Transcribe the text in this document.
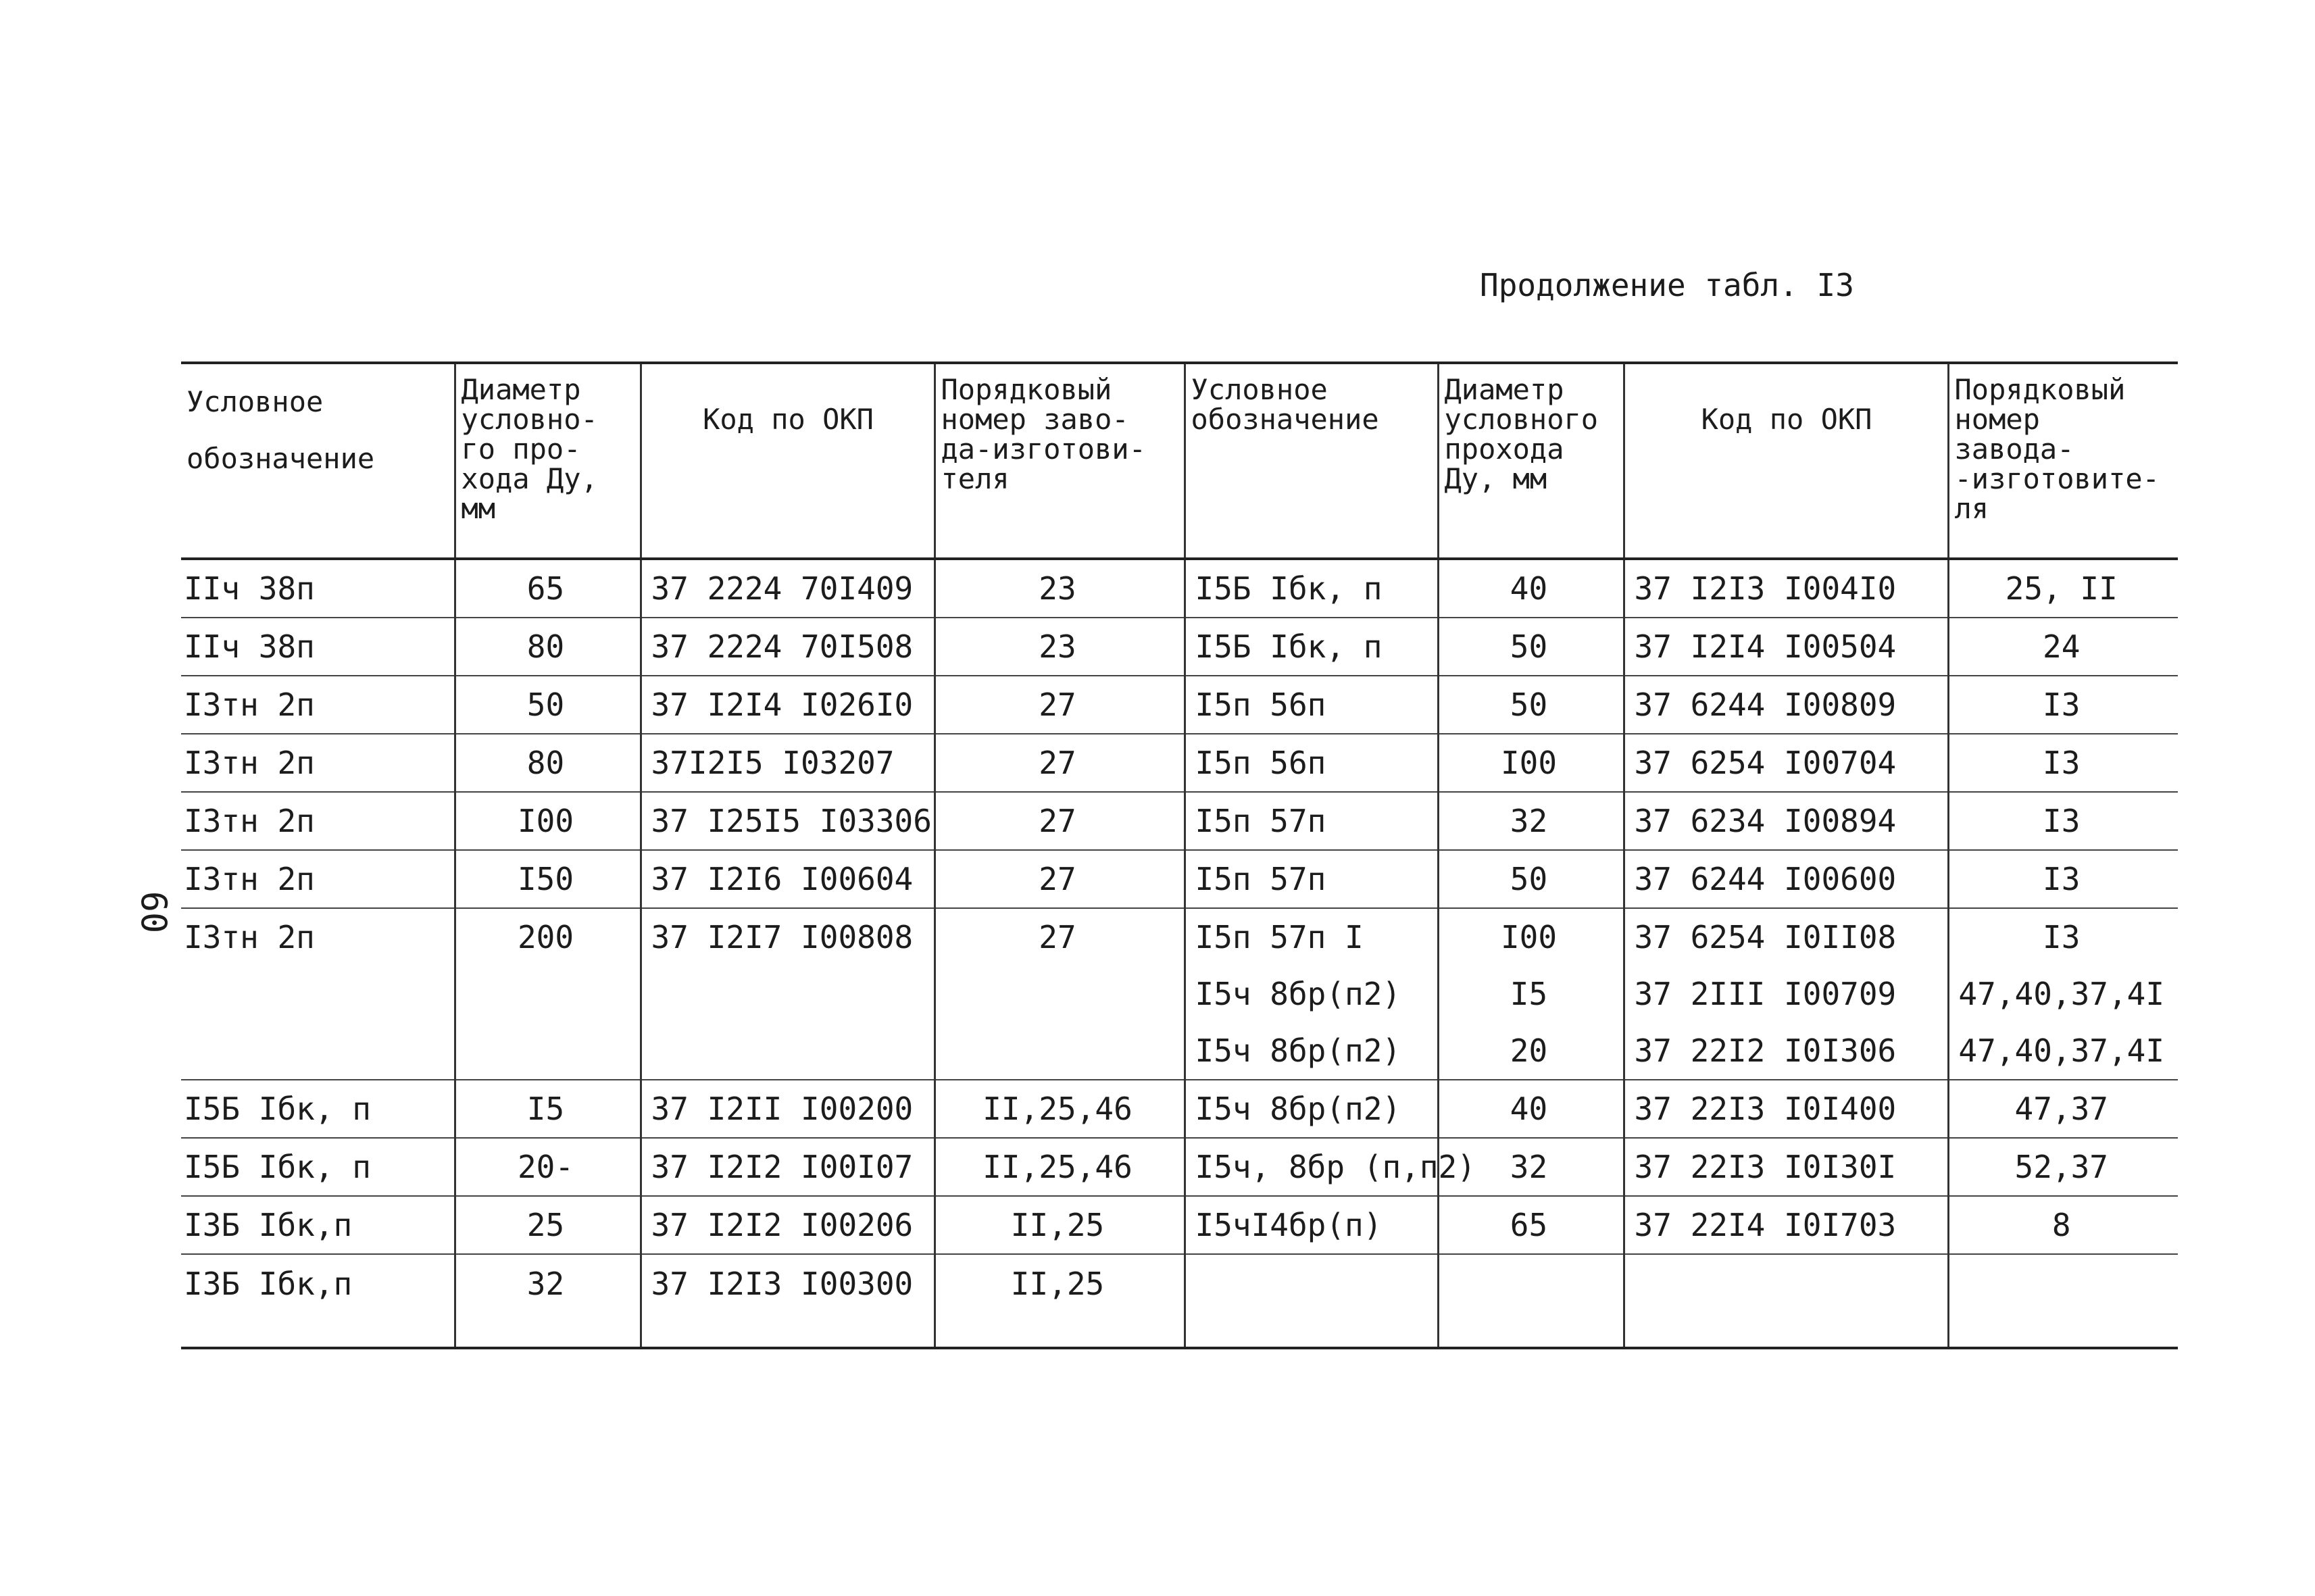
Продолжение табл. I3
60
Условное обозначение	Диаметр условно- го про- хода Ду, мм	Код по ОКП	Порядковый номер заво- да-изготови- теля	Условное обозначение	Диаметр условного прохода Ду, мм	Код по ОКП	Порядковый номер завода- -изготовите- ля
IIч 38п	65	37 2224 70I409	23	I5Б Iбк, п	40	37 I2I3 I004I0	25, II
IIч 38п	80	37 2224 70I508	23	I5Б Iбк, п	50	37 I2I4 I00504	24
I3тн 2п	50	37 I2I4 I026I0	27	I5п 56п	50	37 6244 I00809	I3
I3тн 2п	80	37I2I5 I03207	27	I5п 56п	I00	37 6254 I00704	I3
I3тн 2п	I00	37 I25I5 I03306	27	I5п 57п	32	37 6234 I00894	I3
I3тн 2п	I50	37 I2I6 I00604	27	I5п 57п	50	37 6244 I00600	I3
I3тн 2п	200	37 I2I7 I00808	27	I5п 57п I	I00	37 6254 I0II08	I3
				I5ч 8бр(п2)	I5	37 2III I00709	47,40,37,4I
				I5ч 8бр(п2)	20	37 22I2 I0I306	47,40,37,4I
I5Б Iбк, п	I5	37 I2II I00200	II,25,46	I5ч 8бр(п2)	40	37 22I3 I0I400	47,37
I5Б Iбк, п	20-	37 I2I2 I00I07	II,25,46	I5ч, 8бр (п,п2)	32	37 22I3 I0I30I	52,37
I3Б Iбк,п	25	37 I2I2 I00206	II,25	I5чI4бр(п)	65	37 22I4 I0I703	8
I3Б Iбк,п	32	37 I2I3 I00300	II,25				
